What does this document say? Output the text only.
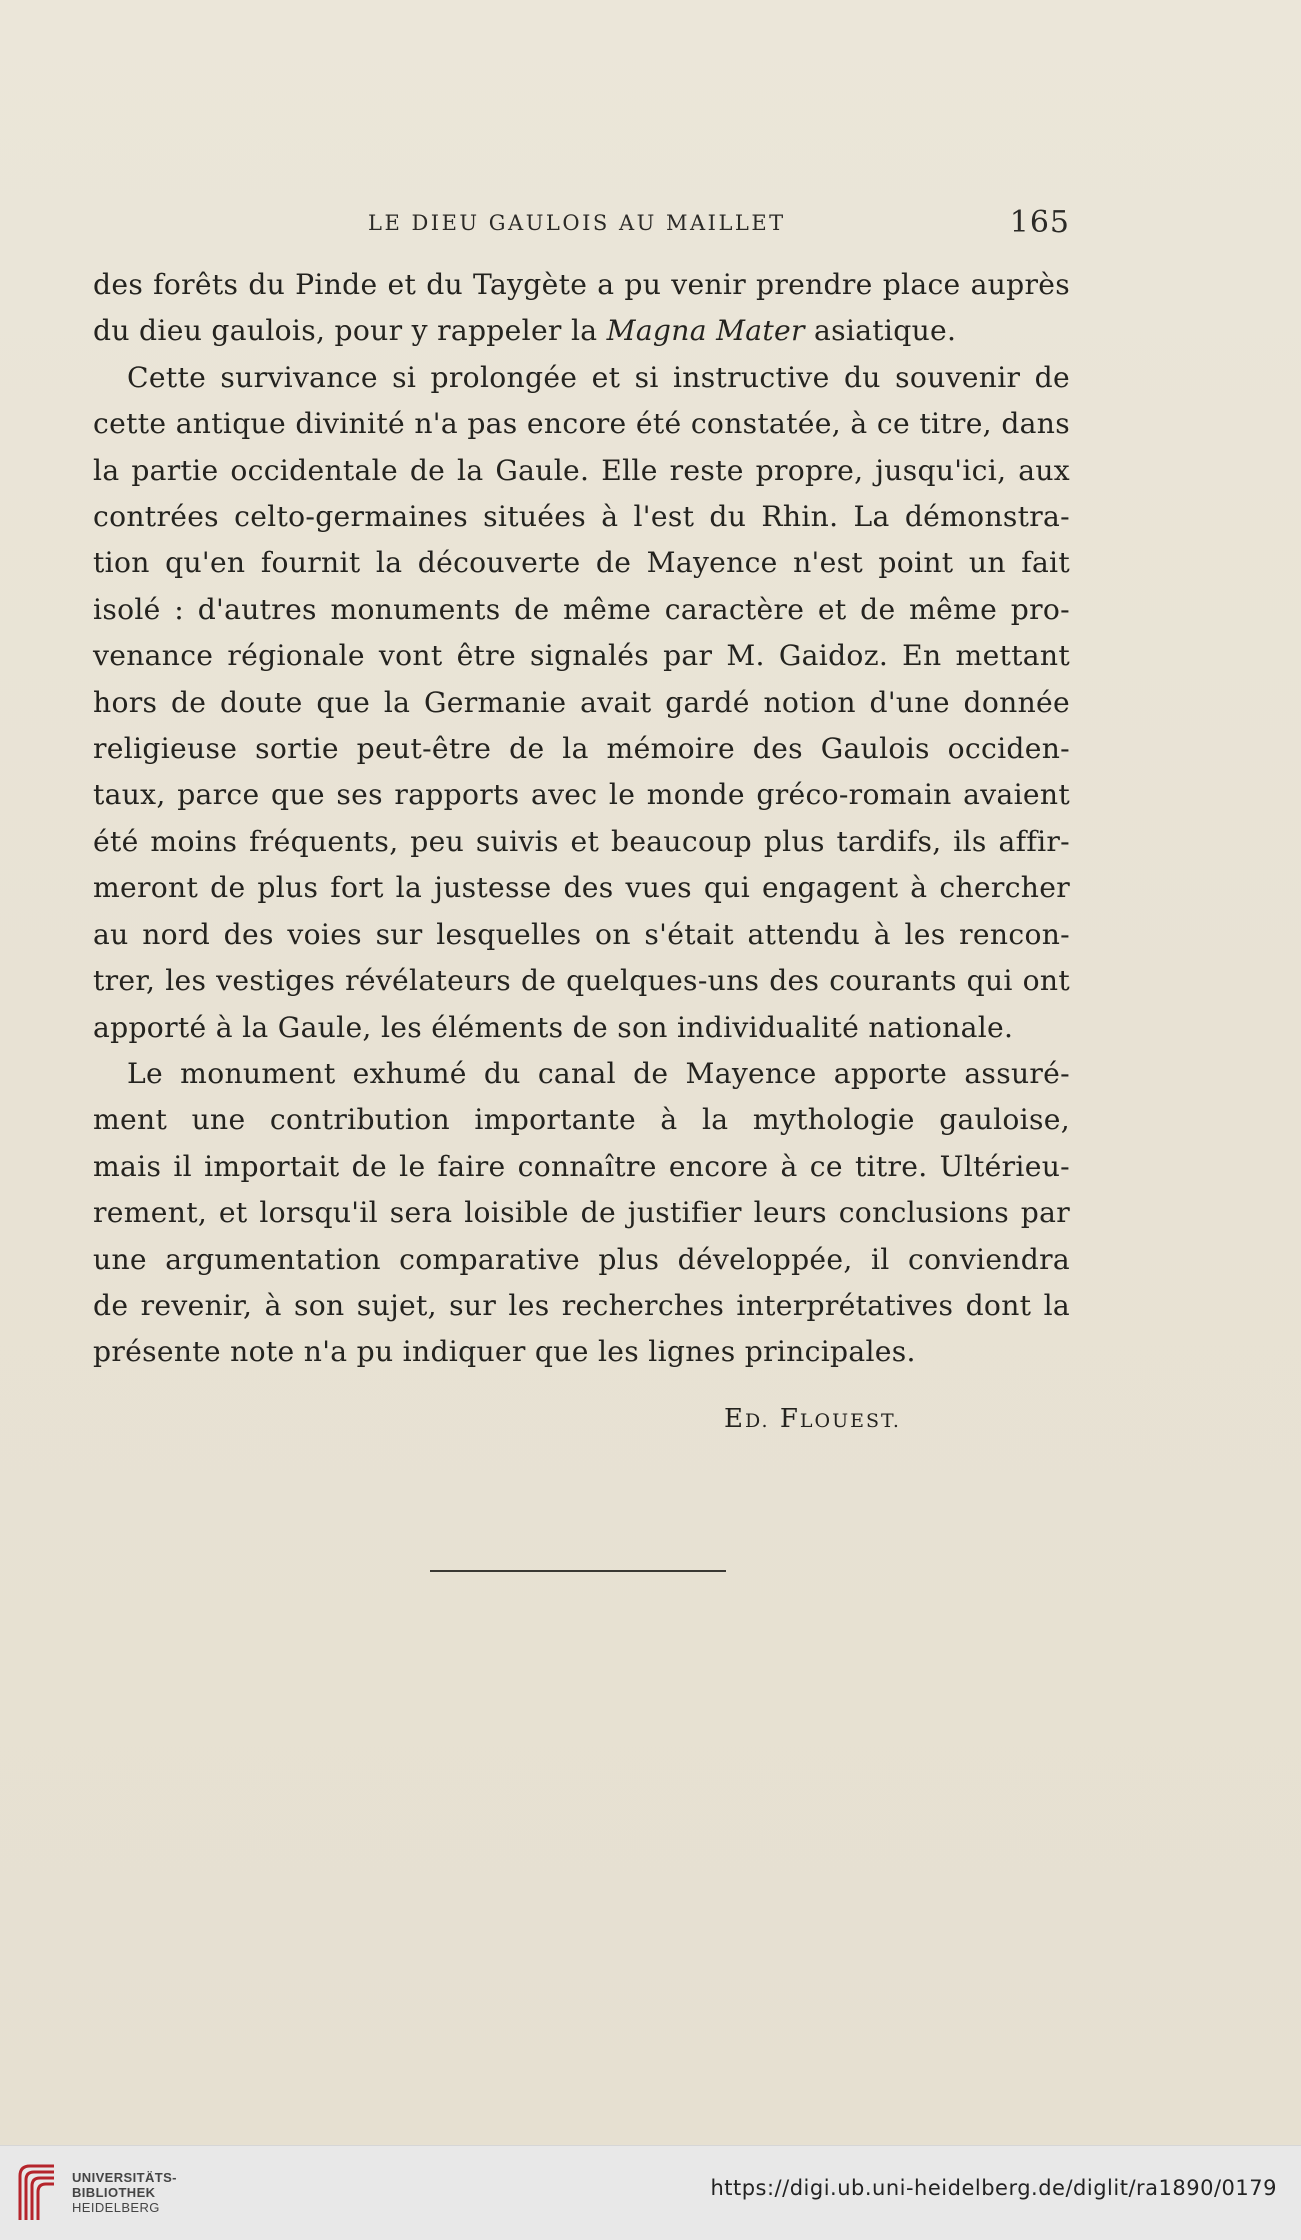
LE DIEU GAULOIS AU MAILLET	165
des forêts du Pinde et du Taygète a pu venir prendre place auprès
du dieu gaulois, pour y rappeler la Magna Mater asiatique.
Cette survivance si prolongée et si instructive du souvenir de
cette antique divinité n'a pas encore été constatée, à ce titre, dans
la partie occidentale de la Gaule. Elle reste propre, jusqu'ici, aux
contrées celto-germaines situées à l'est du Rhin. La démonstra-
tion qu'en fournit la découverte de Mayence n'est point un fait
isolé : d'autres monuments de même caractère et de même pro-
venance régionale vont être signalés par M. Gaidoz. En mettant
hors de doute que la Germanie avait gardé notion d'une donnée
religieuse sortie peut-être de la mémoire des Gaulois occiden-
taux, parce que ses rapports avec le monde gréco-romain avaient
été moins fréquents, peu suivis et beaucoup plus tardifs, ils affir-
meront de plus fort la justesse des vues qui engagent à chercher
au nord des voies sur lesquelles on s'était attendu à les rencon-
trer, les vestiges révélateurs de quelques-uns des courants qui ont
apporté à la Gaule, les éléments de son individualité nationale.
Le monument exhumé du canal de Mayence apporte assuré-
ment une contribution importante à la mythologie gauloise,
mais il importait de le faire connaître encore à ce titre. Ultérieu-
rement, et lorsqu'il sera loisible de justifier leurs conclusions par
une argumentation comparative plus développée, il conviendra
de revenir, à son sujet, sur les recherches interprétatives dont la
présente note n'a pu indiquer que les lignes principales.
ED. FLOUEST.
UNIVERSITÄTS-
BIBLIOTHEK
HEIDELBERG
https://digi.ub.uni-heidelberg.de/diglit/ra1890/0179
